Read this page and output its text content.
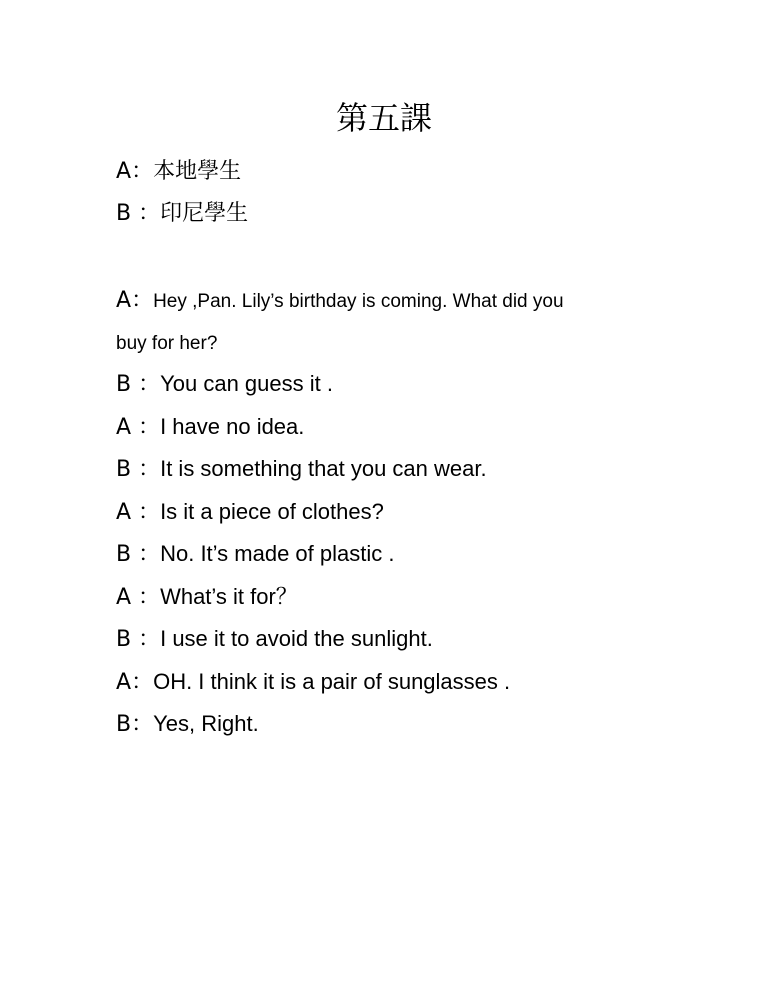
第五課
A：本地學生
B ：印尼學生
A：Hey ,Pan. Lily’s birthday is coming. What did you
buy for her?
B ：You can guess it .
A ：I have no idea.
B ：It is something that you can wear.
A ：Is it a piece of clothes?
B ：No. It’s made of plastic .
A ：What’s it for？
B ：I use it to avoid the sunlight.
A：OH. I think it is a pair of sunglasses .
B：Yes, Right.
